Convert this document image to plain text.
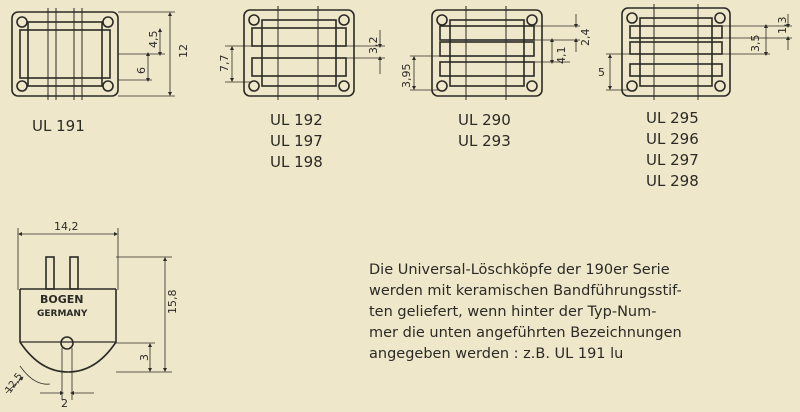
4,5
6
12
7,7
3,2
3,95
2,4
4,1
5
3,5
1,3
14,2
15,8
3
2
12,5
BOGEN
GERMANY
UL 191	UL 192
UL 197
UL 198
UL 290
UL 293
UL 295
UL 296
UL 297
UL 298
Die Universal-Löschköpfe der 190er Serie
werden mit keramischen Bandführungsstif-
ten geliefert, wenn hinter der Typ-Num-
mer die unten angeführten Bezeichnungen
angegeben werden : z.B. UL 191 lu
